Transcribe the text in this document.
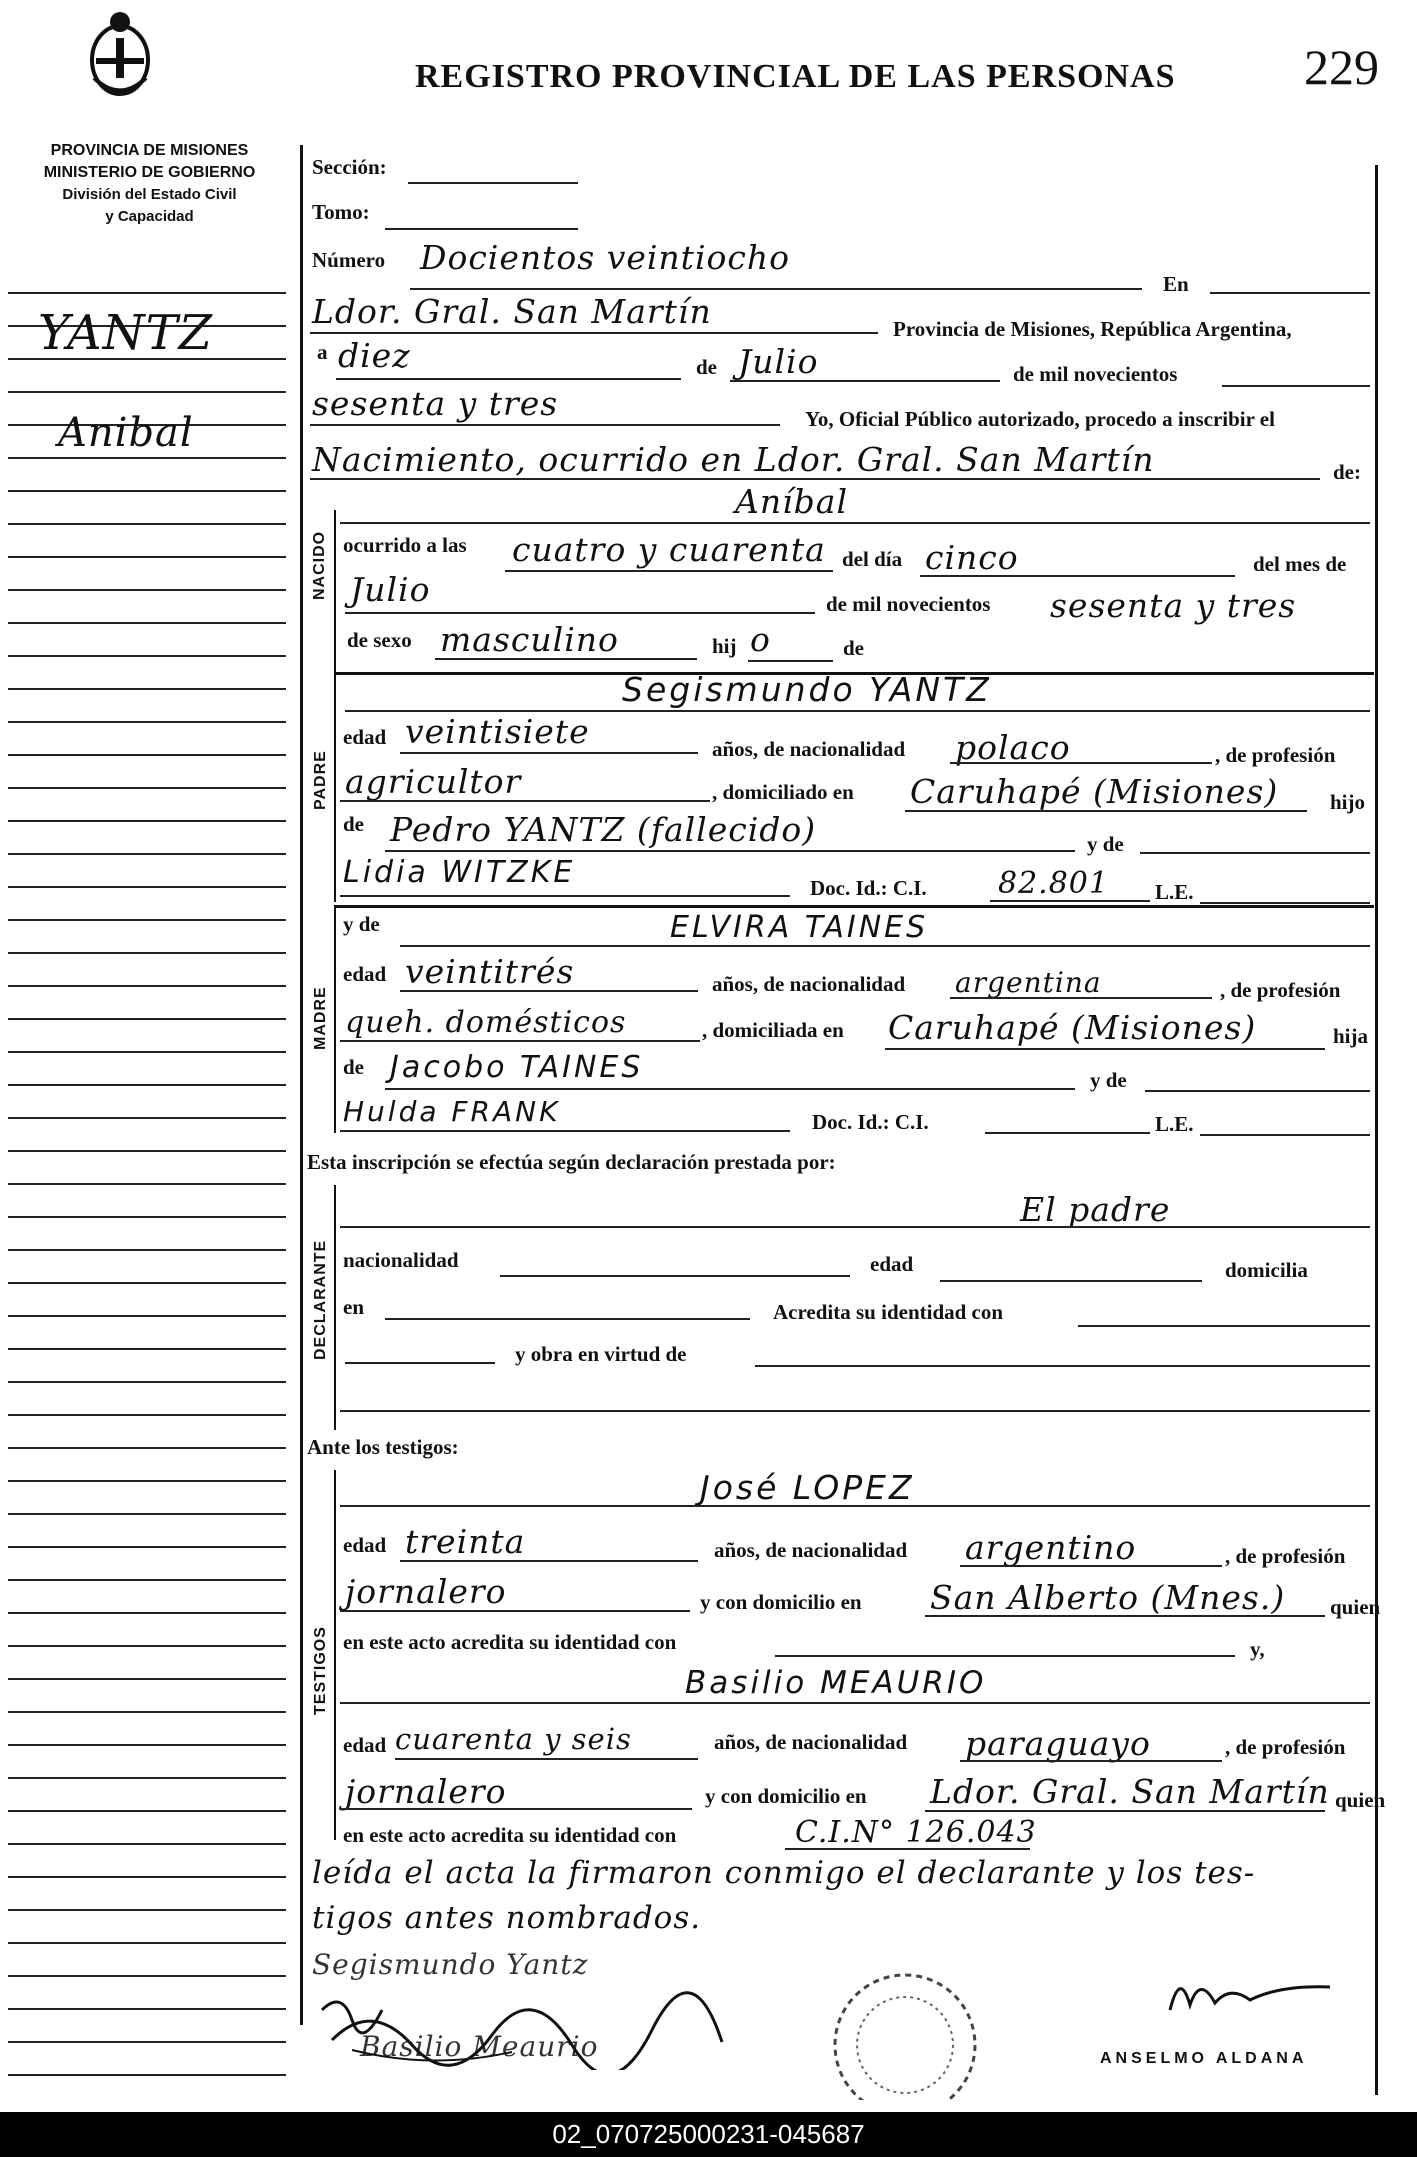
REGISTRO PROVINCIAL DE LAS PERSONAS	229
PROVINCIA DE MISIONES
MINISTERIO DE GOBIERNO
División del Estado Civil
y Capacidad
YANTZ
Anibal
Sección:
Tomo:
Número Docientos veintiocho
En
Ldor. Gral. San Martín	Provincia de Misiones, República Argentina,
a diez	de Julio	de mil novecientos
sesenta y tres	Yo, Oficial Público autorizado, procedo a inscribir el
Nacimiento, ocurrido en Ldor. Gral. San Martín	de:
NACIDO
Aníbal
ocurrido a las cuatro y cuarenta del día cinco	del mes de
Julio	de mil novecientos sesenta y tres
de sexo masculino	hij o	de
PADRE
Segismundo YANTZ
edad veintisiete	años, de nacionalidad polaco	, de profesión
agricultor	, domiciliado en Caruhapé (Misiones) hijo
de Pedro YANTZ (fallecido)	y de
Lidia WITZKE	Doc. Id.: C.I. 82.801 L.E.
MADRE
y de	ELVIRA TAINES
edad veintitrés	años, de nacionalidad argentina	, de profesión
queh. domésticos	, domiciliada en Caruhapé (Misiones)	hija
de Jacobo TAINES	y de
Hulda FRANK	Doc. Id.: C.I.	L.E.
Esta inscripción se efectúa según declaración prestada por:
DECLARANTE
El padre
nacionalidad	edad	domicilia
en	Acredita su identidad con
y obra en virtud de
Ante los testigos:
TESTIGOS
José LOPEZ
edad treinta	años, de nacionalidad argentino	, de profesión
jornalero	y con domicilio en San Alberto (Mnes.) quien
en este acto acredita su identidad con	y,
Basilio MEAURIO
edad cuarenta y seis	años, de nacionalidad paraguayo	, de profesión
jornalero	y con domicilio en Ldor. Gral. San Martín quien
en este acto acredita su identidad con	C.I.N° 126.043
leída el acta la firmaron conmigo el declarante y los tes-
tigos antes nombrados.
Segismundo Yantz
Basilio Meaurio	ANSELMO ALDANA
02_070725000231-045687
